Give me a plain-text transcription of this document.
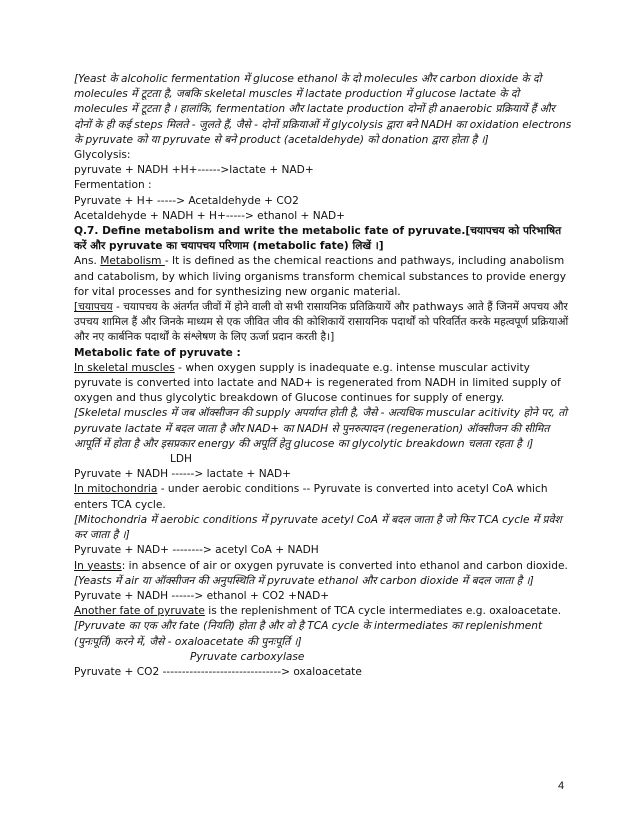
[Yeast के alcoholic fermentation में glucose ethanol के दो molecules और carbon dioxide के दो molecules में टूटता है, जबकि skeletal muscles में lactate production में glucose lactate के दो molecules में टूटता है । हालांकि, fermentation और lactate production दोनों ही anaerobic प्रक्रियायें हैं और दोनों के ही कई steps मिलते - जुलते हैं, जैसे - दोनों प्रक्रियाओं में glycolysis द्वारा बने NADH का oxidation electrons के pyruvate को या pyruvate से बने product (acetaldehyde) को donation द्वारा होता है ।]

Glycolysis:

pyruvate + NADH +H+------>lactate + NAD+

Fermentation :

Pyruvate + H+ -----> Acetaldehyde + CO2

Acetaldehyde + NADH + H+-----> ethanol + NAD+

Q.7. Define metabolism and write the metabolic fate of pyruvate.[चयापचय को परिभाषित करें और pyruvate का चयापचय परिणाम (metabolic fate) लिखें ।]

Ans. Metabolism - It is defined as the chemical reactions and pathways, including anabolism and catabolism, by which living organisms transform chemical substances to provide energy for vital processes and for synthesizing new organic material.

[चयापचय - चयापचय के अंतर्गत जीवों में होने वाली वो सभी रासायनिक प्रतिक्रियायें और pathways आते हैं जिनमें अपचय और उपचय शामिल हैं और जिनके माध्यम से एक जीवित जीव की कोशिकायें रासायनिक पदार्थों को परिवर्तित करके महत्वपूर्ण प्रक्रियाओं और नए कार्बनिक पदार्थों के संश्लेषण के लिए ऊर्जा प्रदान करती है।]

Metabolic fate of pyruvate :

In skeletal muscles - when oxygen supply is inadequate e.g. intense muscular activity pyruvate is converted into lactate and NAD+ is regenerated from NADH in limited supply of oxygen and thus glycolytic breakdown of Glucose continues for supply of energy.

[Skeletal muscles में जब ऑक्सीजन की supply अपर्याप्त होती है, जैसे - अत्यधिक muscular acitivity होने पर, तो pyruvate lactate में बदल जाता है और NAD+ का NADH से पुनरुत्पादन (regeneration) ऑक्सीजन की सीमित आपूर्ति में होता है और इसप्रकार energy की अपूर्ति हेतु glucose का glycolytic breakdown चलता रहता है ।]

LDH

Pyruvate + NADH ------> lactate + NAD+

In mitochondria - under aerobic conditions -- Pyruvate is converted into acetyl CoA which enters TCA cycle.

[Mitochondria में aerobic conditions में pyruvate acetyl CoA में बदल जाता है जो फिर TCA cycle में प्रवेश कर जाता है ।]

Pyruvate + NAD+ --------> acetyl CoA + NADH

In yeasts: in absence of air or oxygen pyruvate is converted into ethanol and carbon dioxide.

[Yeasts में air या ऑक्सीजन की अनुपस्थिति में pyruvate ethanol और carbon dioxide में बदल जाता है ।]

Pyruvate + NADH ------> ethanol + CO2 +NAD+

Another fate of pyruvate is the replenishment of TCA cycle intermediates e.g. oxaloacetate.

[Pyruvate का एक और fate (नियति) होता है और वो है TCA cycle के intermediates का replenishment (पुनःपूर्ति) करने में, जैसे - oxaloacetate की पुनःपूर्ति ।]

Pyruvate carboxylase

Pyruvate + CO2 -------------------------------> oxaloacetate

4
